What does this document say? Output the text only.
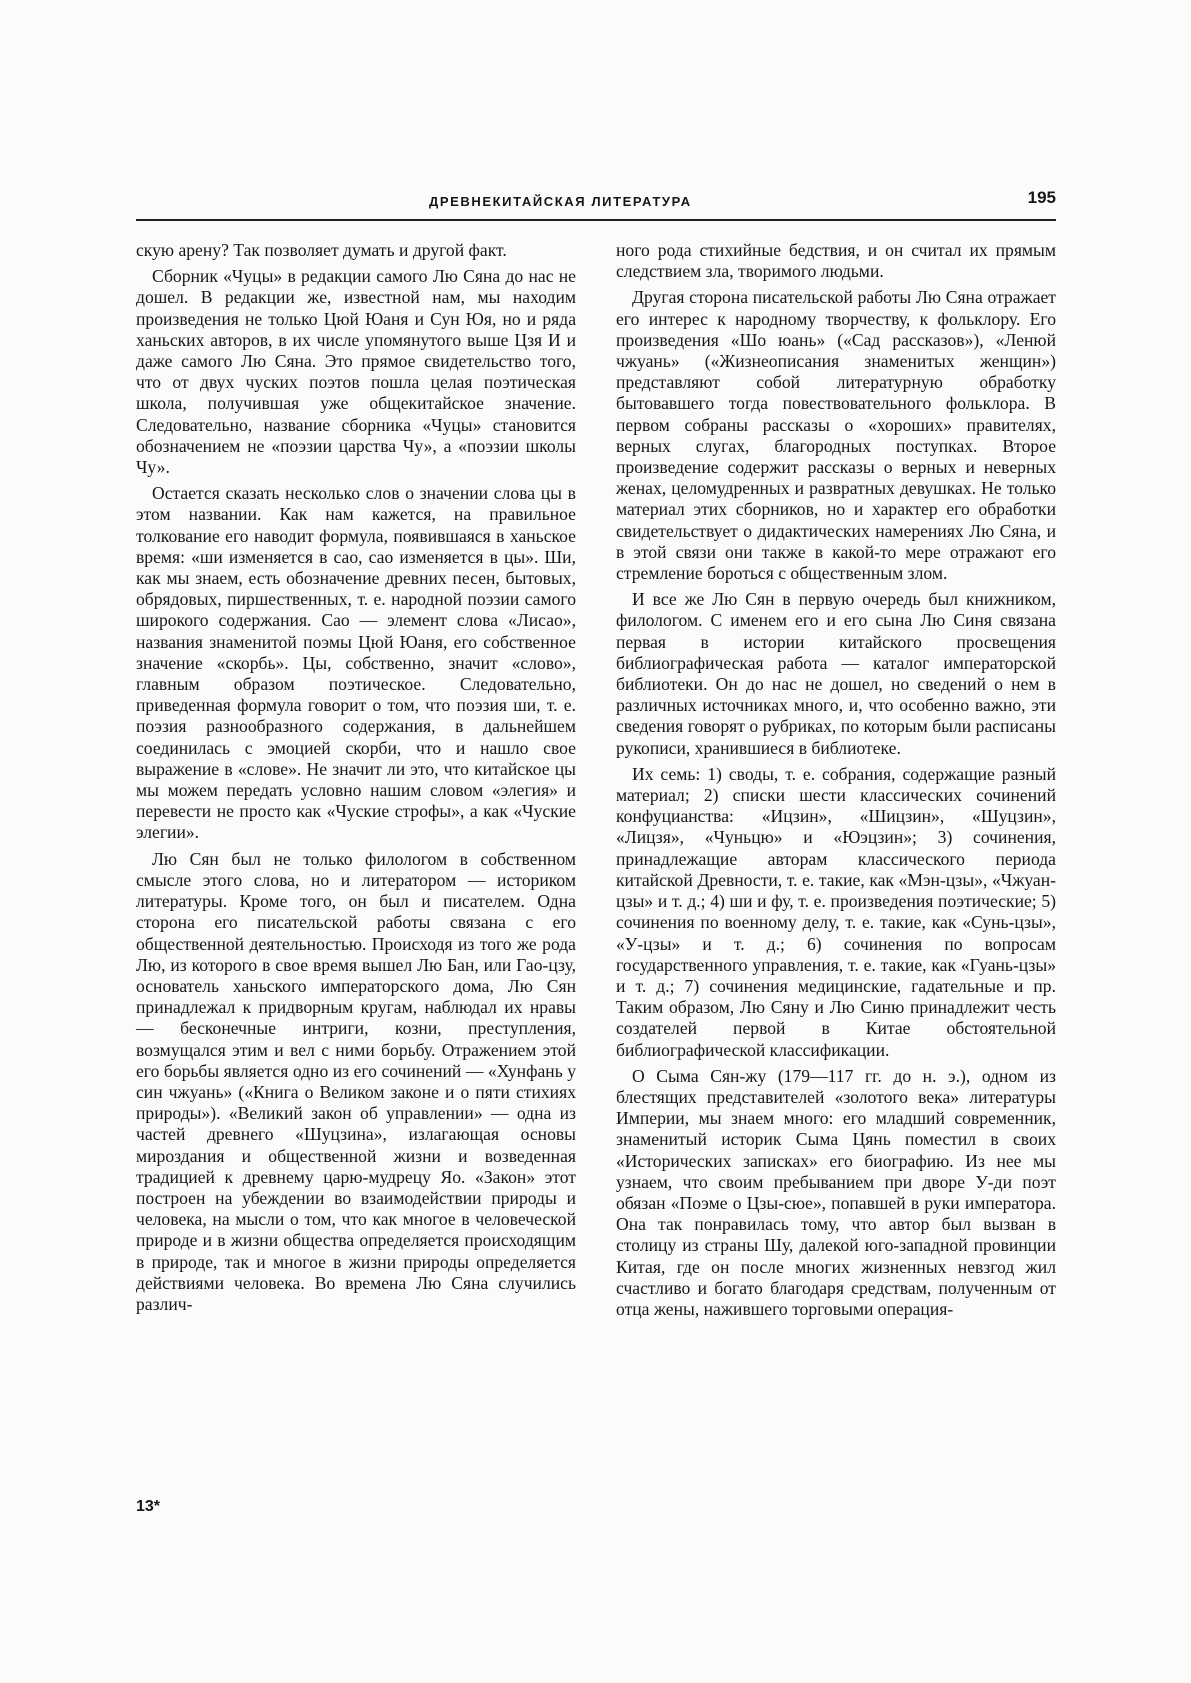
ДРЕВНЕКИТАЙСКАЯ ЛИТЕРАТУРА	195

скую арену? Так позволяет думать и другой факт.

Сборник «Чуцы» в редакции самого Лю Сяна до нас не дошел. В редакции же, известной нам, мы находим произведения не только Цюй Юаня и Сун Юя, но и ряда ханьских авторов, в их числе упомянутого выше Цзя И и даже самого Лю Сяна. Это прямое свидетельство того, что от двух чуских поэтов пошла целая поэтическая школа, получившая уже общекитайское значение. Следовательно, название сборника «Чуцы» становится обозначением не «поэзии царства Чу», а «поэзии школы Чу».

Остается сказать несколько слов о значении слова цы в этом названии. Как нам кажется, на правильное толкование его наводит формула, появившаяся в ханьское время: «ши изменяется в сао, сао изменяется в цы». Ши, как мы знаем, есть обозначение древних песен, бытовых, обрядовых, пиршественных, т. е. народной поэзии самого широкого содержания. Сао — элемент слова «Лисао», названия знаменитой поэмы Цюй Юаня, его собственное значение «скорбь». Цы, собственно, значит «слово», главным образом поэтическое. Следовательно, приведенная формула говорит о том, что поэзия ши, т. е. поэзия разнообразного содержания, в дальнейшем соединилась с эмоцией скорби, что и нашло свое выражение в «слове». Не значит ли это, что китайское цы мы можем передать условно нашим словом «элегия» и перевести не просто как «Чуские строфы», а как «Чуские элегии».

Лю Сян был не только филологом в собственном смысле этого слова, но и литератором — историком литературы. Кроме того, он был и писателем. Одна сторона его писательской работы связана с его общественной деятельностью. Происходя из того же рода Лю, из которого в свое время вышел Лю Бан, или Гао-цзу, основатель ханьского императорского дома, Лю Сян принадлежал к придворным кругам, наблюдал их нравы — бесконечные интриги, козни, преступления, возмущался этим и вел с ними борьбу. Отражением этой его борьбы является одно из его сочинений — «Хунфань у син чжуань» («Книга о Великом законе и о пяти стихиях природы»). «Великий закон об управлении» — одна из частей древнего «Шуцзина», излагающая основы мироздания и общественной жизни и возведенная традицией к древнему царю-мудрецу Яо. «Закон» этот построен на убеждении во взаимодействии природы и человека, на мысли о том, что как многое в человеческой природе и в жизни общества определяется происходящим в природе, так и многое в жизни природы определяется действиями человека. Во времена Лю Сяна случились различ-

ного рода стихийные бедствия, и он считал их прямым следствием зла, творимого людьми.

Другая сторона писательской работы Лю Сяна отражает его интерес к народному творчеству, к фольклору. Его произведения «Шо юань» («Сад рассказов»), «Ленюй чжуань» («Жизнеописания знаменитых женщин») представляют собой литературную обработку бытовавшего тогда повествовательного фольклора. В первом собраны рассказы о «хороших» правителях, верных слугах, благородных поступках. Второе произведение содержит рассказы о верных и неверных женах, целомудренных и развратных девушках. Не только материал этих сборников, но и характер его обработки свидетельствует о дидактических намерениях Лю Сяна, и в этой связи они также в какой-то мере отражают его стремление бороться с общественным злом.

И все же Лю Сян в первую очередь был книжником, филологом. С именем его и его сына Лю Синя связана первая в истории китайского просвещения библиографическая работа — каталог императорской библиотеки. Он до нас не дошел, но сведений о нем в различных источниках много, и, что особенно важно, эти сведения говорят о рубриках, по которым были расписаны рукописи, хранившиеся в библиотеке.

Их семь: 1) своды, т. е. собрания, содержащие разный материал; 2) списки шести классических сочинений конфуцианства: «Ицзин», «Шицзин», «Шуцзин», «Лицзя», «Чуньцю» и «Юэцзин»; 3) сочинения, принадлежащие авторам классического периода китайской Древности, т. е. такие, как «Мэн-цзы», «Чжуан-цзы» и т. д.; 4) ши и фу, т. е. произведения поэтические; 5) сочинения по военному делу, т. е. такие, как «Сунь-цзы», «У-цзы» и т. д.; 6) сочинения по вопросам государственного управления, т. е. такие, как «Гуань-цзы» и т. д.; 7) сочинения медицинские, гадательные и пр. Таким образом, Лю Сяну и Лю Синю принадлежит честь создателей первой в Китае обстоятельной библиографической классификации.

О Сыма Сян-жу (179—117 гг. до н. э.), одном из блестящих представителей «золотого века» литературы Империи, мы знаем много: его младший современник, знаменитый историк Сыма Цянь поместил в своих «Исторических записках» его биографию. Из нее мы узнаем, что своим пребыванием при дворе У-ди поэт обязан «Поэме о Цзы-сюе», попавшей в руки императора. Она так понравилась тому, что автор был вызван в столицу из страны Шу, далекой юго-западной провинции Китая, где он после многих жизненных невзгод жил счастливо и богато благодаря средствам, полученным от отца жены, нажившего торговыми операция-

13*
